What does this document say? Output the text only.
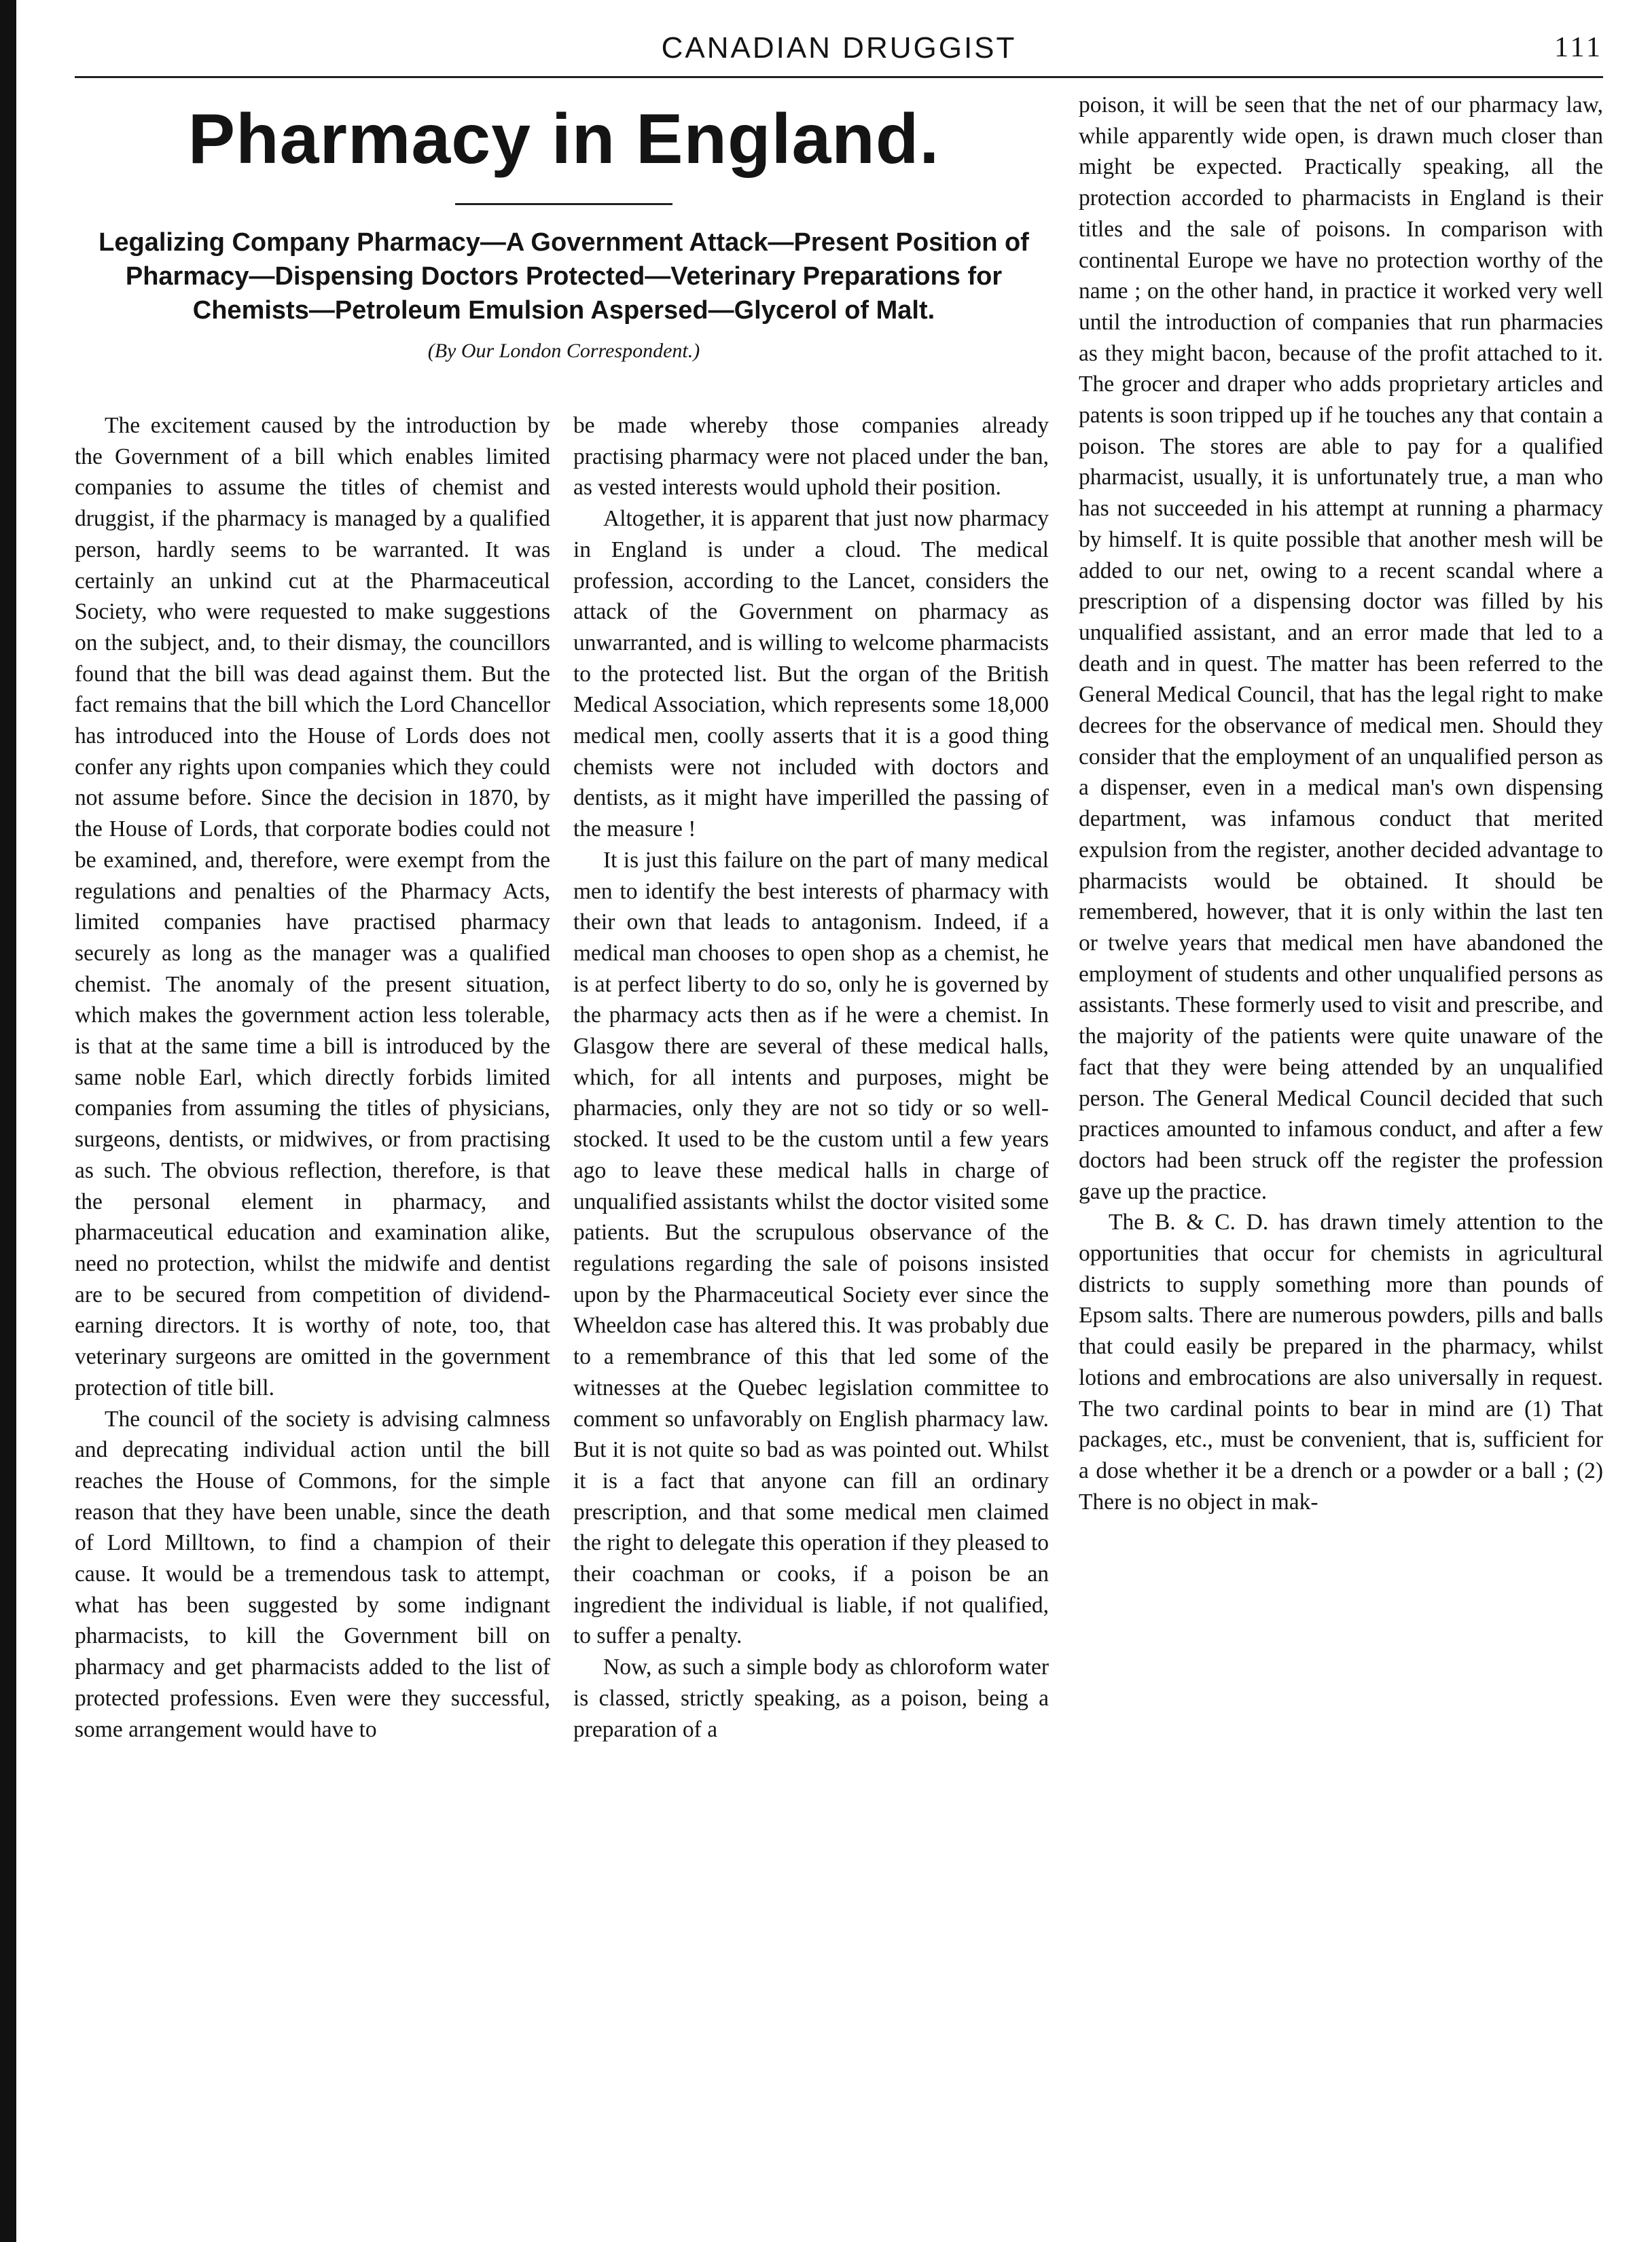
CANADIAN DRUGGIST	111
Pharmacy in England.
Legalizing Company Pharmacy—A Government Attack—Present Position of Pharmacy—Dispensing Doctors Protected—Veterinary Preparations for Chemists—Petroleum Emulsion Aspersed—Glycerol of Malt.
(By Our London Correspondent.)

The excitement caused by the introduction by the Government of a bill which enables limited companies to assume the titles of chemist and druggist, if the pharmacy is managed by a qualified person, hardly seems to be warranted. It was certainly an unkind cut at the Pharmaceutical Society, who were requested to make suggestions on the subject, and, to their dismay, the councillors found that the bill was dead against them. But the fact remains that the bill which the Lord Chancellor has introduced into the House of Lords does not confer any rights upon companies which they could not assume before. Since the decision in 1870, by the House of Lords, that corporate bodies could not be examined, and, therefore, were exempt from the regulations and penalties of the Pharmacy Acts, limited companies have practised pharmacy securely as long as the manager was a qualified chemist. The anomaly of the present situation, which makes the government action less tolerable, is that at the same time a bill is introduced by the same noble Earl, which directly forbids limited companies from assuming the titles of physicians, surgeons, dentists, or midwives, or from practising as such. The obvious reflection, therefore, is that the personal element in pharmacy, and pharmaceutical education and examination alike, need no protection, whilst the midwife and dentist are to be secured from competition of dividend-earning directors. It is worthy of note, too, that veterinary surgeons are omitted in the government protection of title bill.

The council of the society is advising calmness and deprecating individual action until the bill reaches the House of Commons, for the simple reason that they have been unable, since the death of Lord Milltown, to find a champion of their cause. It would be a tremendous task to attempt, what has been suggested by some indignant pharmacists, to kill the Government bill on pharmacy and get pharmacists added to the list of protected professions. Even were they successful, some arrangement would have to

be made whereby those companies already practising pharmacy were not placed under the ban, as vested interests would uphold their position.

Altogether, it is apparent that just now pharmacy in England is under a cloud. The medical profession, according to the Lancet, considers the attack of the Government on pharmacy as unwarranted, and is willing to welcome pharmacists to the protected list. But the organ of the British Medical Association, which represents some 18,000 medical men, coolly asserts that it is a good thing chemists were not included with doctors and dentists, as it might have imperilled the passing of the measure !

It is just this failure on the part of many medical men to identify the best interests of pharmacy with their own that leads to antagonism. Indeed, if a medical man chooses to open shop as a chemist, he is at perfect liberty to do so, only he is governed by the pharmacy acts then as if he were a chemist. In Glasgow there are several of these medical halls, which, for all intents and purposes, might be pharmacies, only they are not so tidy or so well-stocked. It used to be the custom until a few years ago to leave these medical halls in charge of unqualified assistants whilst the doctor visited some patients. But the scrupulous observance of the regulations regarding the sale of poisons insisted upon by the Pharmaceutical Society ever since the Wheeldon case has altered this. It was probably due to a remembrance of this that led some of the witnesses at the Quebec legislation committee to comment so unfavorably on English pharmacy law. But it is not quite so bad as was pointed out. Whilst it is a fact that anyone can fill an ordinary prescription, and that some medical men claimed the right to delegate this operation if they pleased to their coachman or cooks, if a poison be an ingredient the individual is liable, if not qualified, to suffer a penalty.

Now, as such a simple body as chloroform water is classed, strictly speaking, as a poison, being a preparation of a

poison, it will be seen that the net of our pharmacy law, while apparently wide open, is drawn much closer than might be expected. Practically speaking, all the protection accorded to pharmacists in England is their titles and the sale of poisons. In comparison with continental Europe we have no protection worthy of the name ; on the other hand, in practice it worked very well until the introduction of companies that run pharmacies as they might bacon, because of the profit attached to it. The grocer and draper who adds proprietary articles and patents is soon tripped up if he touches any that contain a poison. The stores are able to pay for a qualified pharmacist, usually, it is unfortunately true, a man who has not succeeded in his attempt at running a pharmacy by himself. It is quite possible that another mesh will be added to our net, owing to a recent scandal where a prescription of a dispensing doctor was filled by his unqualified assistant, and an error made that led to a death and in quest. The matter has been referred to the General Medical Council, that has the legal right to make decrees for the observance of medical men. Should they consider that the employment of an unqualified person as a dispenser, even in a medical man's own dispensing department, was infamous conduct that merited expulsion from the register, another decided advantage to pharmacists would be obtained. It should be remembered, however, that it is only within the last ten or twelve years that medical men have abandoned the employment of students and other unqualified persons as assistants. These formerly used to visit and prescribe, and the majority of the patients were quite unaware of the fact that they were being attended by an unqualified person. The General Medical Council decided that such practices amounted to infamous conduct, and after a few doctors had been struck off the register the profession gave up the practice.

The B. & C. D. has drawn timely attention to the opportunities that occur for chemists in agricultural districts to supply something more than pounds of Epsom salts. There are numerous powders, pills and balls that could easily be prepared in the pharmacy, whilst lotions and embrocations are also universally in request. The two cardinal points to bear in mind are (1) That packages, etc., must be convenient, that is, sufficient for a dose whether it be a drench or a powder or a ball ; (2) There is no object in mak-
